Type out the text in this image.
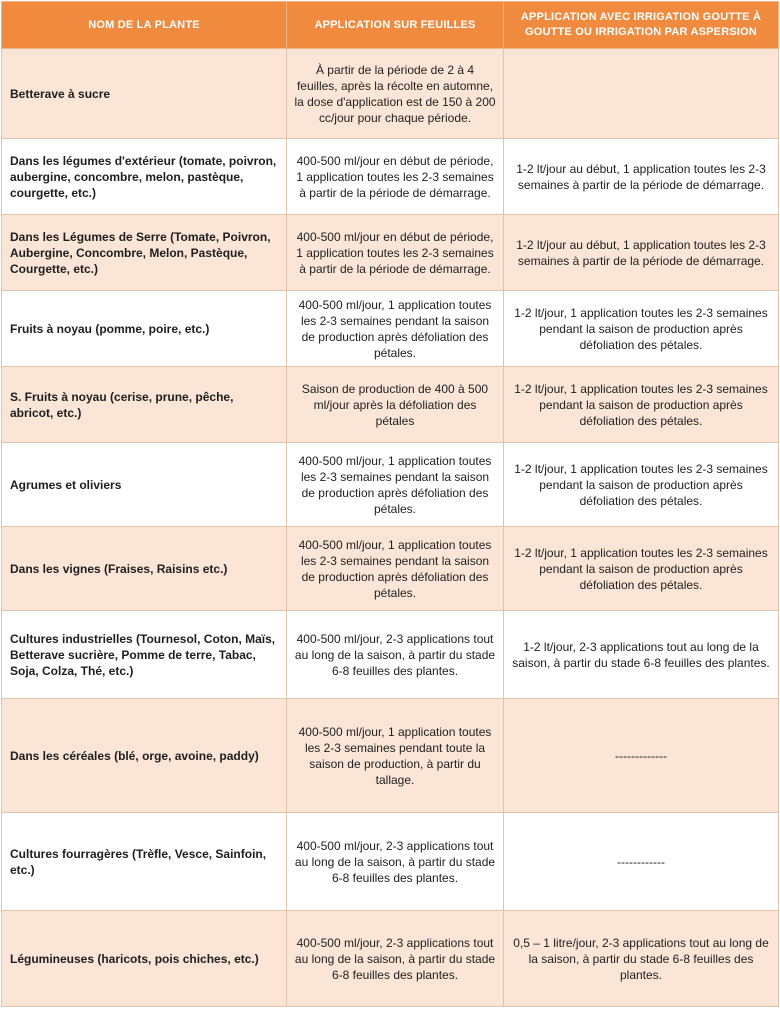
NOM DE LA PLANTE	APPLICATION SUR FEUILLES	APPLICATION AVEC IRRIGATION GOUTTE À GOUTTE OU IRRIGATION PAR ASPERSION
Betterave à sucre	À partir de la période de 2 à 4 feuilles, après la récolte en automne, la dose d'application est de 150 à 200 cc/jour pour chaque période.	
Dans les légumes d'extérieur (tomate, poivron, aubergine, concombre, melon, pastèque, courgette, etc.)	400-500 ml/jour en début de période, 1 application toutes les 2-3 semaines à partir de la période de démarrage.	1-2 lt/jour au début, 1 application toutes les 2-3 semaines à partir de la période de démarrage.
Dans les Légumes de Serre (Tomate, Poivron, Aubergine, Concombre, Melon, Pastèque, Courgette, etc.)	400-500 ml/jour en début de période, 1 application toutes les 2-3 semaines à partir de la période de démarrage.	1-2 lt/jour au début, 1 application toutes les 2-3 semaines à partir de la période de démarrage.
Fruits à noyau (pomme, poire, etc.)	400-500 ml/jour, 1 application toutes les 2-3 semaines pendant la saison de production après défoliation des pétales.	1-2 lt/jour, 1 application toutes les 2-3 semaines pendant la saison de production après défoliation des pétales.
S. Fruits à noyau (cerise, prune, pêche, abricot, etc.)	Saison de production de 400 à 500 ml/jour après la défoliation des pétales	1-2 lt/jour, 1 application toutes les 2-3 semaines pendant la saison de production après défoliation des pétales.
Agrumes et oliviers	400-500 ml/jour, 1 application toutes les 2-3 semaines pendant la saison de production après défoliation des pétales.	1-2 lt/jour, 1 application toutes les 2-3 semaines pendant la saison de production après défoliation des pétales.
Dans les vignes (Fraises, Raisins etc.)	400-500 ml/jour, 1 application toutes les 2-3 semaines pendant la saison de production après défoliation des pétales.	1-2 lt/jour, 1 application toutes les 2-3 semaines pendant la saison de production après défoliation des pétales.
Cultures industrielles (Tournesol, Coton, Maïs, Betterave sucrière, Pomme de terre, Tabac, Soja, Colza, Thé, etc.)	400-500 ml/jour, 2-3 applications tout au long de la saison, à partir du stade 6-8 feuilles des plantes.	1-2 lt/jour, 2-3 applications tout au long de la saison, à partir du stade 6-8 feuilles des plantes.
Dans les céréales (blé, orge, avoine, paddy)	400-500 ml/jour, 1 application toutes les 2-3 semaines pendant toute la saison de production, à partir du tallage.	-------------
Cultures fourragères (Trèfle, Vesce, Sainfoin, etc.)	400-500 ml/jour, 2-3 applications tout au long de la saison, à partir du stade 6-8 feuilles des plantes.	------------
Légumineuses (haricots, pois chiches, etc.)	400-500 ml/jour, 2-3 applications tout au long de la saison, à partir du stade 6-8 feuilles des plantes.	0,5 – 1 litre/jour, 2-3 applications tout au long de la saison, à partir du stade 6-8 feuilles des plantes.
